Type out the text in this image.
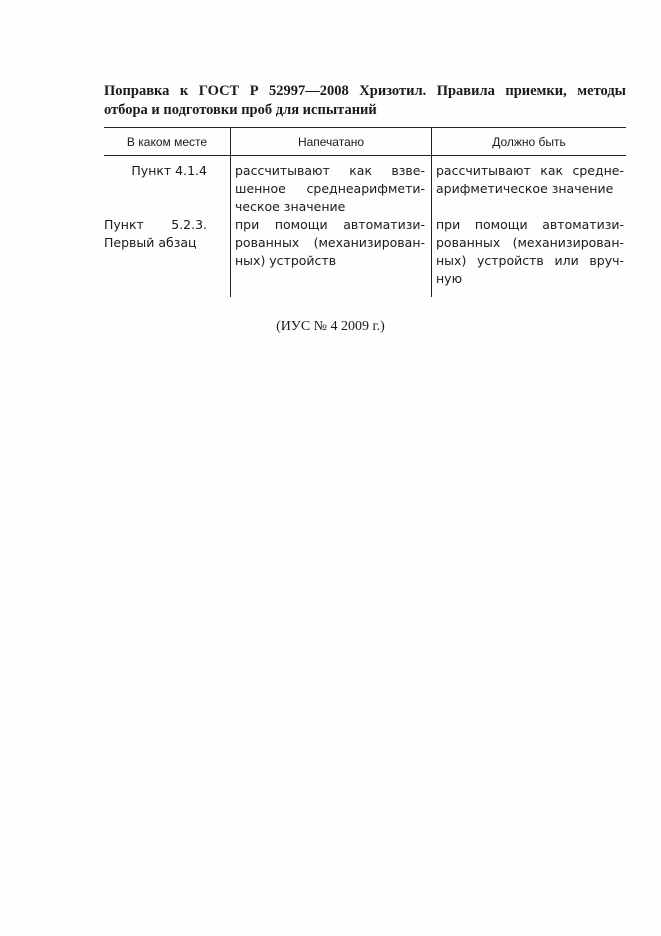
Поправка к ГОСТ Р 52997—2008 Хризотил. Правила приемки, методы
отбора и подготовки проб для испытаний
В каком месте	Напечатано	Должно быть
Пункт 4.1.4 рассчитывают как взве-
шенное среднеарифмети-
ческое значение
рассчитывают как средне-
арифметическое значение
Пункт 5.2.3.
Первый абзац
при помощи автоматизи-
рованных (механизирован-
ных) устройств
при помощи автоматизи-
рованных (механизирован-
ных) устройств или вруч-
ную
(ИУС № 4 2009 г.)
